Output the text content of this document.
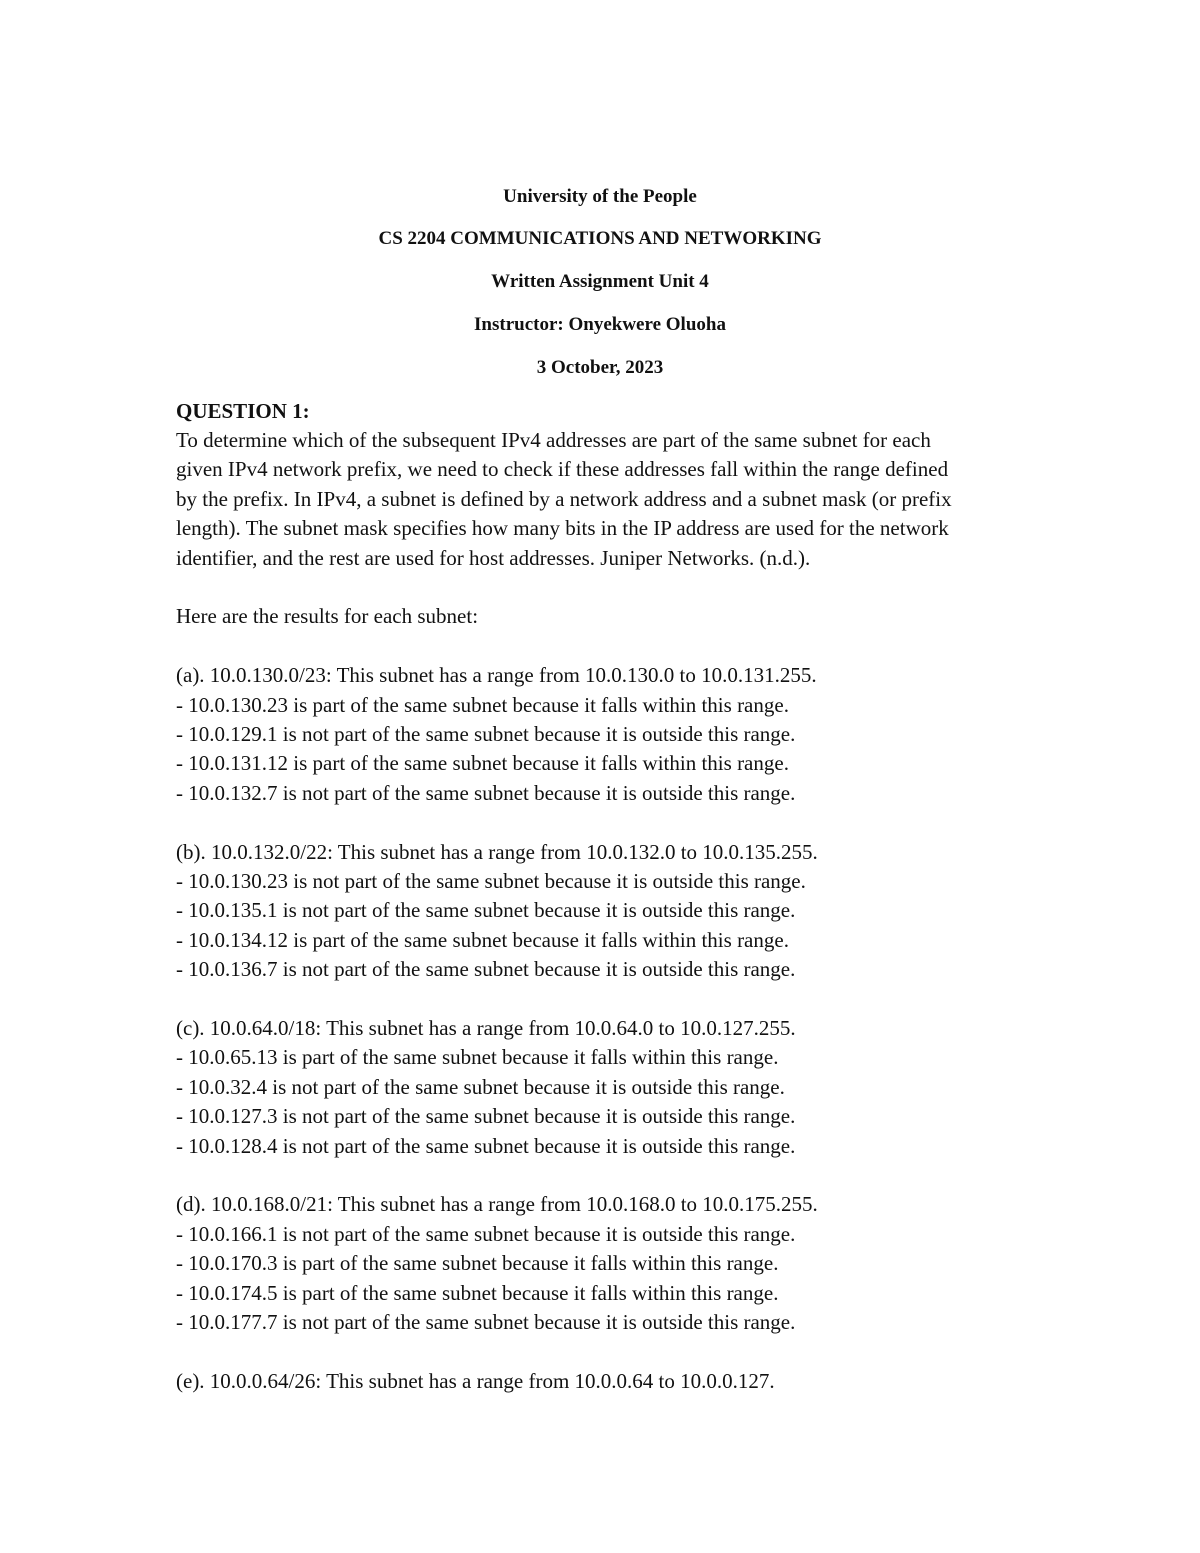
University of the People
CS 2204 COMMUNICATIONS AND NETWORKING
Written Assignment Unit 4
Instructor: Onyekwere Oluoha
3 October, 2023
QUESTION 1:
To determine which of the subsequent IPv4 addresses are part of the same subnet for each
given IPv4 network prefix, we need to check if these addresses fall within the range defined
by the prefix. In IPv4, a subnet is defined by a network address and a subnet mask (or prefix
length). The subnet mask specifies how many bits in the IP address are used for the network
identifier, and the rest are used for host addresses. Juniper Networks. (n.d.).
Here are the results for each subnet:
(a). 10.0.130.0/23: This subnet has a range from 10.0.130.0 to 10.0.131.255.
- 10.0.130.23 is part of the same subnet because it falls within this range.
- 10.0.129.1 is not part of the same subnet because it is outside this range.
- 10.0.131.12 is part of the same subnet because it falls within this range.
- 10.0.132.7 is not part of the same subnet because it is outside this range.
(b). 10.0.132.0/22: This subnet has a range from 10.0.132.0 to 10.0.135.255.
- 10.0.130.23 is not part of the same subnet because it is outside this range.
- 10.0.135.1 is not part of the same subnet because it is outside this range.
- 10.0.134.12 is part of the same subnet because it falls within this range.
- 10.0.136.7 is not part of the same subnet because it is outside this range.
(c). 10.0.64.0/18: This subnet has a range from 10.0.64.0 to 10.0.127.255.
- 10.0.65.13 is part of the same subnet because it falls within this range.
- 10.0.32.4 is not part of the same subnet because it is outside this range.
- 10.0.127.3 is not part of the same subnet because it is outside this range.
- 10.0.128.4 is not part of the same subnet because it is outside this range.
(d). 10.0.168.0/21: This subnet has a range from 10.0.168.0 to 10.0.175.255.
- 10.0.166.1 is not part of the same subnet because it is outside this range.
- 10.0.170.3 is part of the same subnet because it falls within this range.
- 10.0.174.5 is part of the same subnet because it falls within this range.
- 10.0.177.7 is not part of the same subnet because it is outside this range.
(e). 10.0.0.64/26: This subnet has a range from 10.0.0.64 to 10.0.0.127.
